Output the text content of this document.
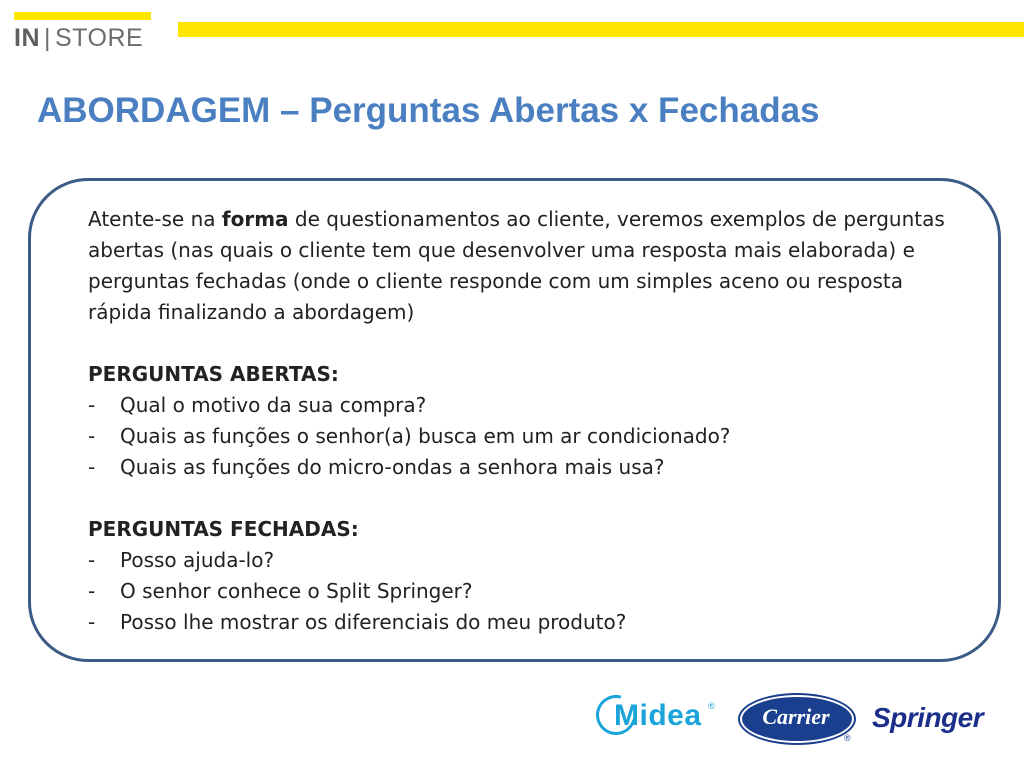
IN | STORE
ABORDAGEM – Perguntas Abertas x Fechadas

Atente-se na forma de questionamentos ao cliente, veremos exemplos de perguntas abertas (nas quais o cliente tem que desenvolver uma resposta mais elaborada) e perguntas fechadas (onde o cliente responde com um simples aceno ou resposta rápida finalizando a abordagem)

PERGUNTAS ABERTAS:

-	Qual o motivo da sua compra?
-	Quais as funções o senhor(a) busca em um ar condicionado?
-	Quais as funções do micro-ondas a senhora mais usa?

PERGUNTAS FECHADAS:

-	Posso ajuda-lo?
-	O senhor conhece o Split Springer?
-	Posso lhe mostrar os diferenciais do meu produto?
Midea ®	Carrier
®
Springer
